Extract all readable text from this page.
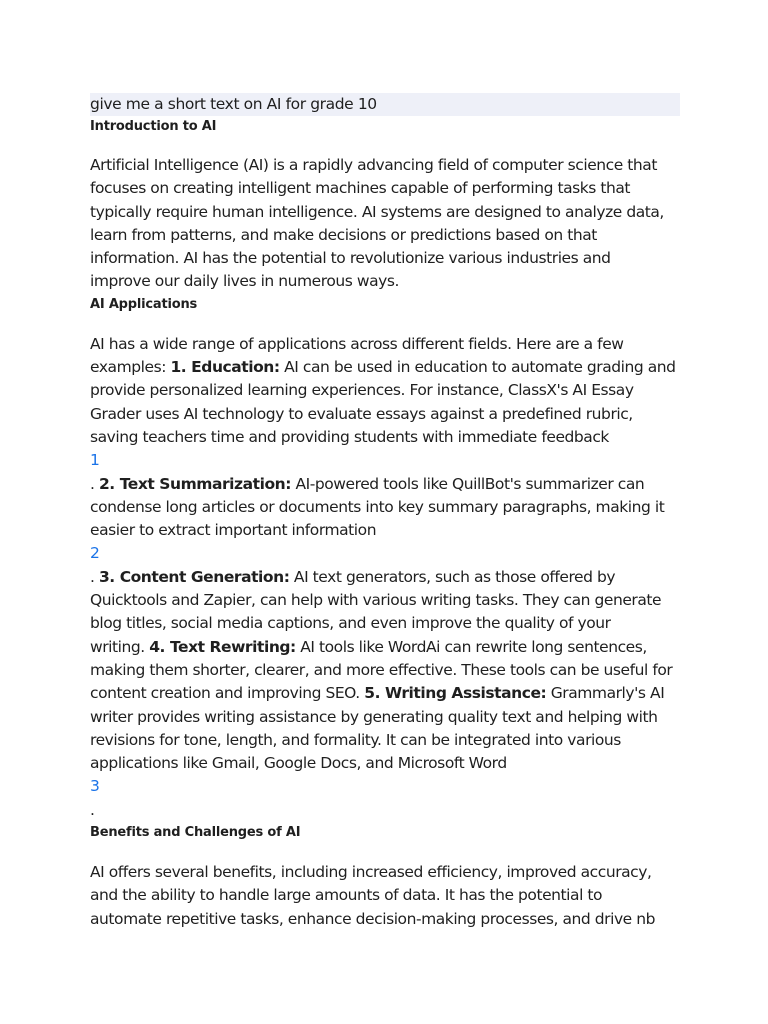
give me a short text on AI for grade 10
Introduction to AI

Artificial Intelligence (AI) is a rapidly advancing field of computer science that
focuses on creating intelligent machines capable of performing tasks that
typically require human intelligence. AI systems are designed to analyze data,
learn from patterns, and make decisions or predictions based on that
information. AI has the potential to revolutionize various industries and
improve our daily lives in numerous ways.

AI Applications

AI has a wide range of applications across different fields. Here are a few
examples: 1. Education: AI can be used in education to automate grading and
provide personalized learning experiences. For instance, ClassX's AI Essay
Grader uses AI technology to evaluate essays against a predefined rubric,
saving teachers time and providing students with immediate feedback
1
. 2. Text Summarization: AI-powered tools like QuillBot's summarizer can
condense long articles or documents into key summary paragraphs, making it
easier to extract important information
2
. 3. Content Generation: AI text generators, such as those offered by
Quicktools and Zapier, can help with various writing tasks. They can generate
blog titles, social media captions, and even improve the quality of your
writing. 4. Text Rewriting: AI tools like WordAi can rewrite long sentences,
making them shorter, clearer, and more effective. These tools can be useful for
content creation and improving SEO. 5. Writing Assistance: Grammarly's AI
writer provides writing assistance by generating quality text and helping with
revisions for tone, length, and formality. It can be integrated into various
applications like Gmail, Google Docs, and Microsoft Word
3
.

Benefits and Challenges of AI

AI offers several benefits, including increased efficiency, improved accuracy,
and the ability to handle large amounts of data. It has the potential to
automate repetitive tasks, enhance decision-making processes, and drive nb
